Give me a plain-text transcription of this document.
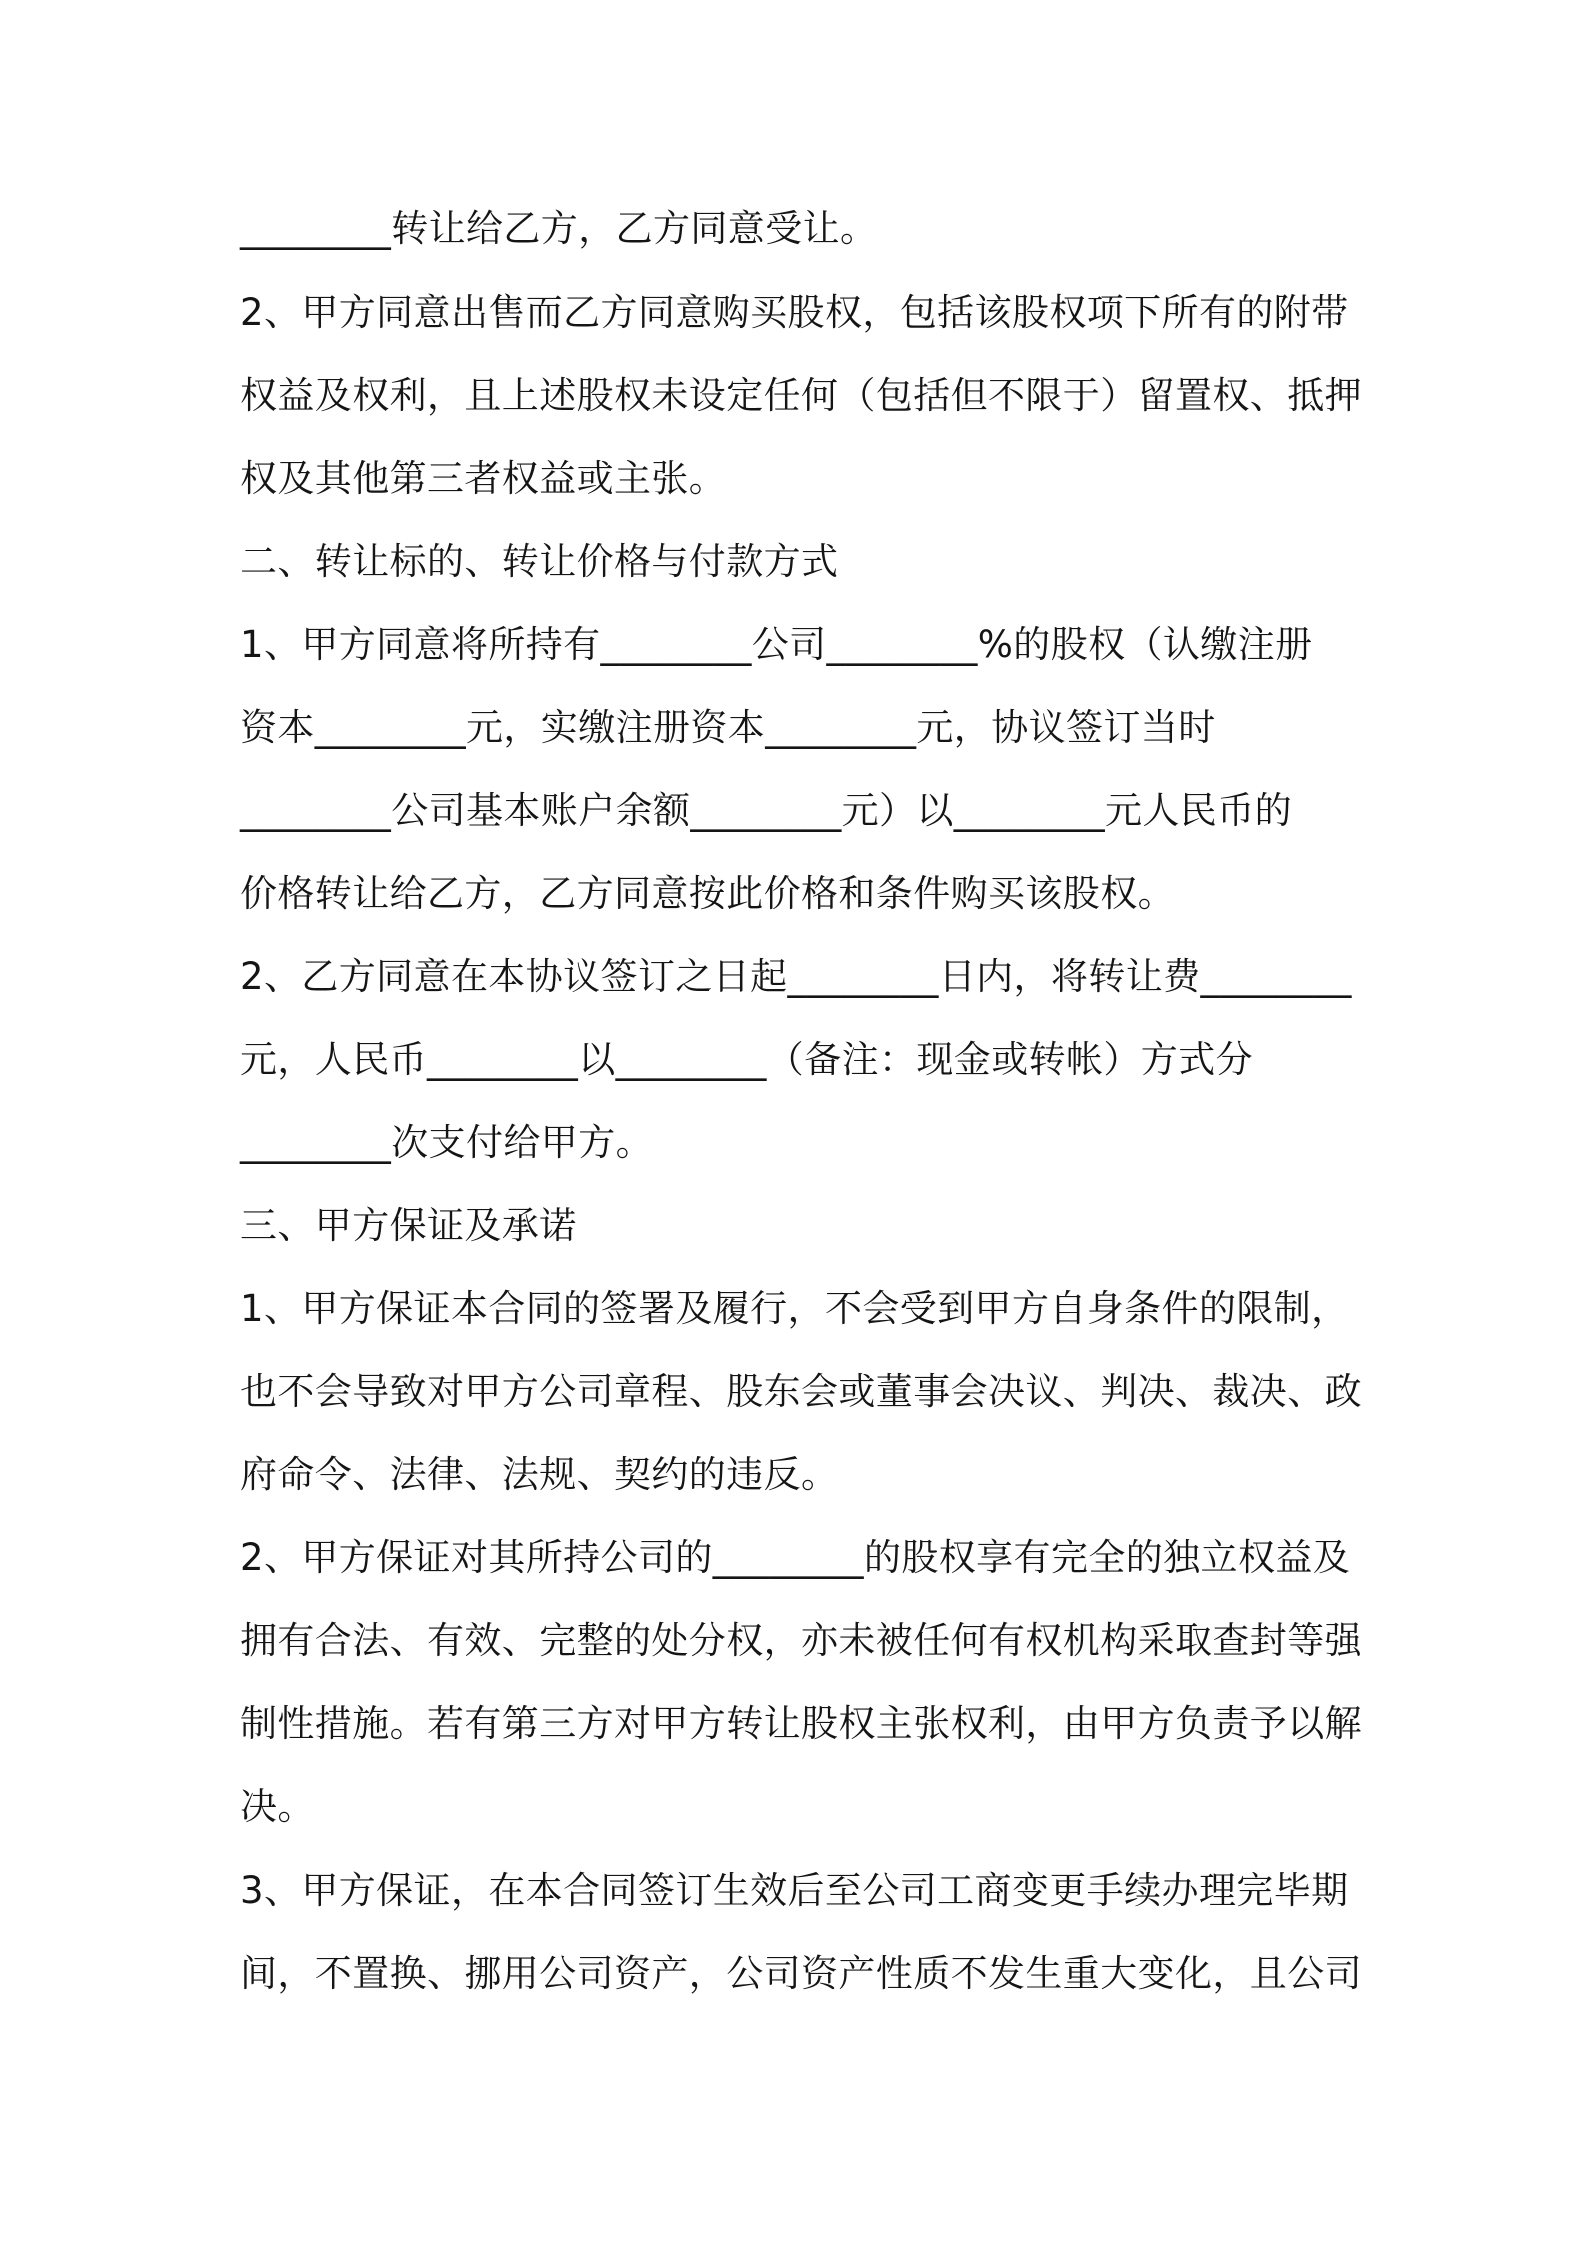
________转让给乙方，乙方同意受让。
2、甲方同意出售而乙方同意购买股权，包括该股权项下所有的附带
权益及权利，且上述股权未设定任何（包括但不限于）留置权、抵押
权及其他第三者权益或主张。
二、转让标的、转让价格与付款方式
1、甲方同意将所持有________公司________%的股权（认缴注册
资本________元，实缴注册资本________元，协议签订当时
________公司基本账户余额________元）以________元人民币的
价格转让给乙方，乙方同意按此价格和条件购买该股权。
2、乙方同意在本协议签订之日起________日内，将转让费________
元，人民币________以________（备注：现金或转帐）方式分
________次支付给甲方。
三、甲方保证及承诺
1、甲方保证本合同的签署及履行，不会受到甲方自身条件的限制，
也不会导致对甲方公司章程、股东会或董事会决议、判决、裁决、政
府命令、法律、法规、契约的违反。
2、甲方保证对其所持公司的________的股权享有完全的独立权益及
拥有合法、有效、完整的处分权，亦未被任何有权机构采取查封等强
制性措施。若有第三方对甲方转让股权主张权利，由甲方负责予以解
决。
3、甲方保证，在本合同签订生效后至公司工商变更手续办理完毕期
间，不置换、挪用公司资产，公司资产性质不发生重大变化，且公司
